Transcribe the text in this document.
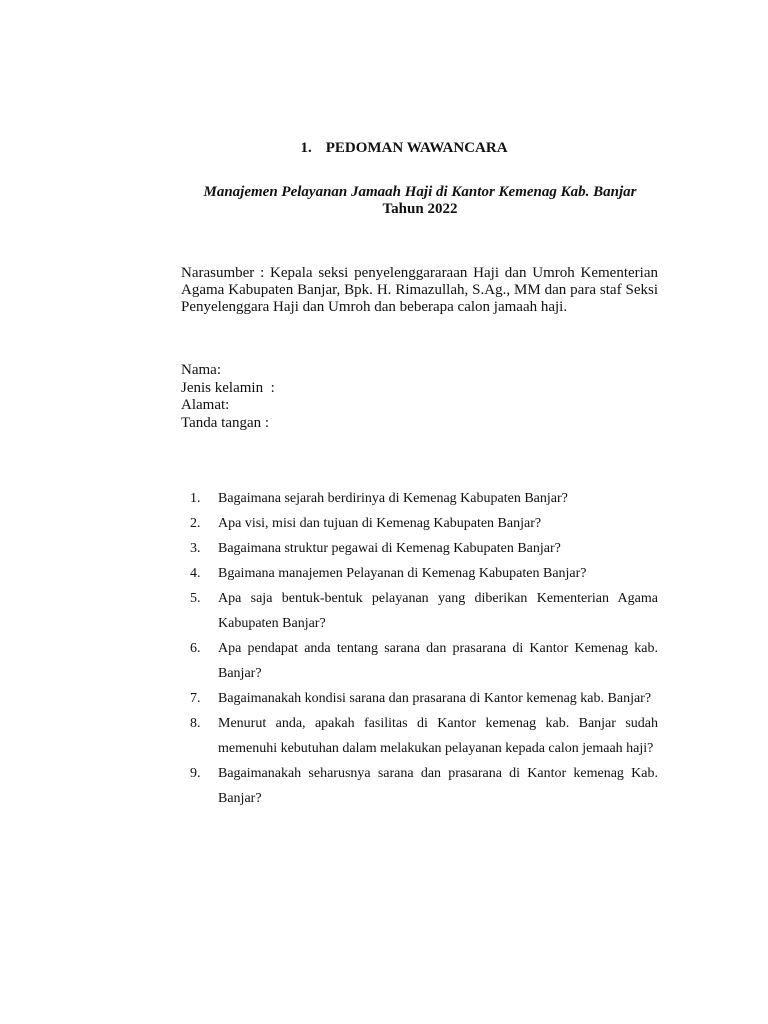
1. PEDOMAN WAWANCARA
Manajemen Pelayanan Jamaah Haji di Kantor Kemenag Kab. Banjar
Tahun 2022
Narasumber : Kepala seksi penyelenggararaan Haji dan Umroh Kementerian Agama Kabupaten Banjar, Bpk. H. Rimazullah, S.Ag., MM dan para staf Seksi Penyelenggara Haji dan Umroh dan beberapa calon jamaah haji.
Nama:
Jenis kelamin  :
Alamat:
Tanda tangan :
1. Bagaimana sejarah berdirinya di Kemenag Kabupaten Banjar?
2. Apa visi, misi dan tujuan di Kemenag Kabupaten Banjar?
3. Bagaimana struktur pegawai di Kemenag Kabupaten Banjar?
4. Bgaimana manajemen Pelayanan di Kemenag Kabupaten Banjar?
5. Apa saja bentuk-bentuk pelayanan yang diberikan Kementerian Agama Kabupaten Banjar?
6. Apa pendapat anda tentang sarana dan prasarana di Kantor Kemenag kab. Banjar?
7. Bagaimanakah kondisi sarana dan prasarana di Kantor kemenag kab. Banjar?
8. Menurut anda, apakah fasilitas di Kantor kemenag kab. Banjar sudah memenuhi kebutuhan dalam melakukan pelayanan kepada calon jemaah haji?
9. Bagaimanakah seharusnya sarana dan prasarana di Kantor kemenag Kab. Banjar?
